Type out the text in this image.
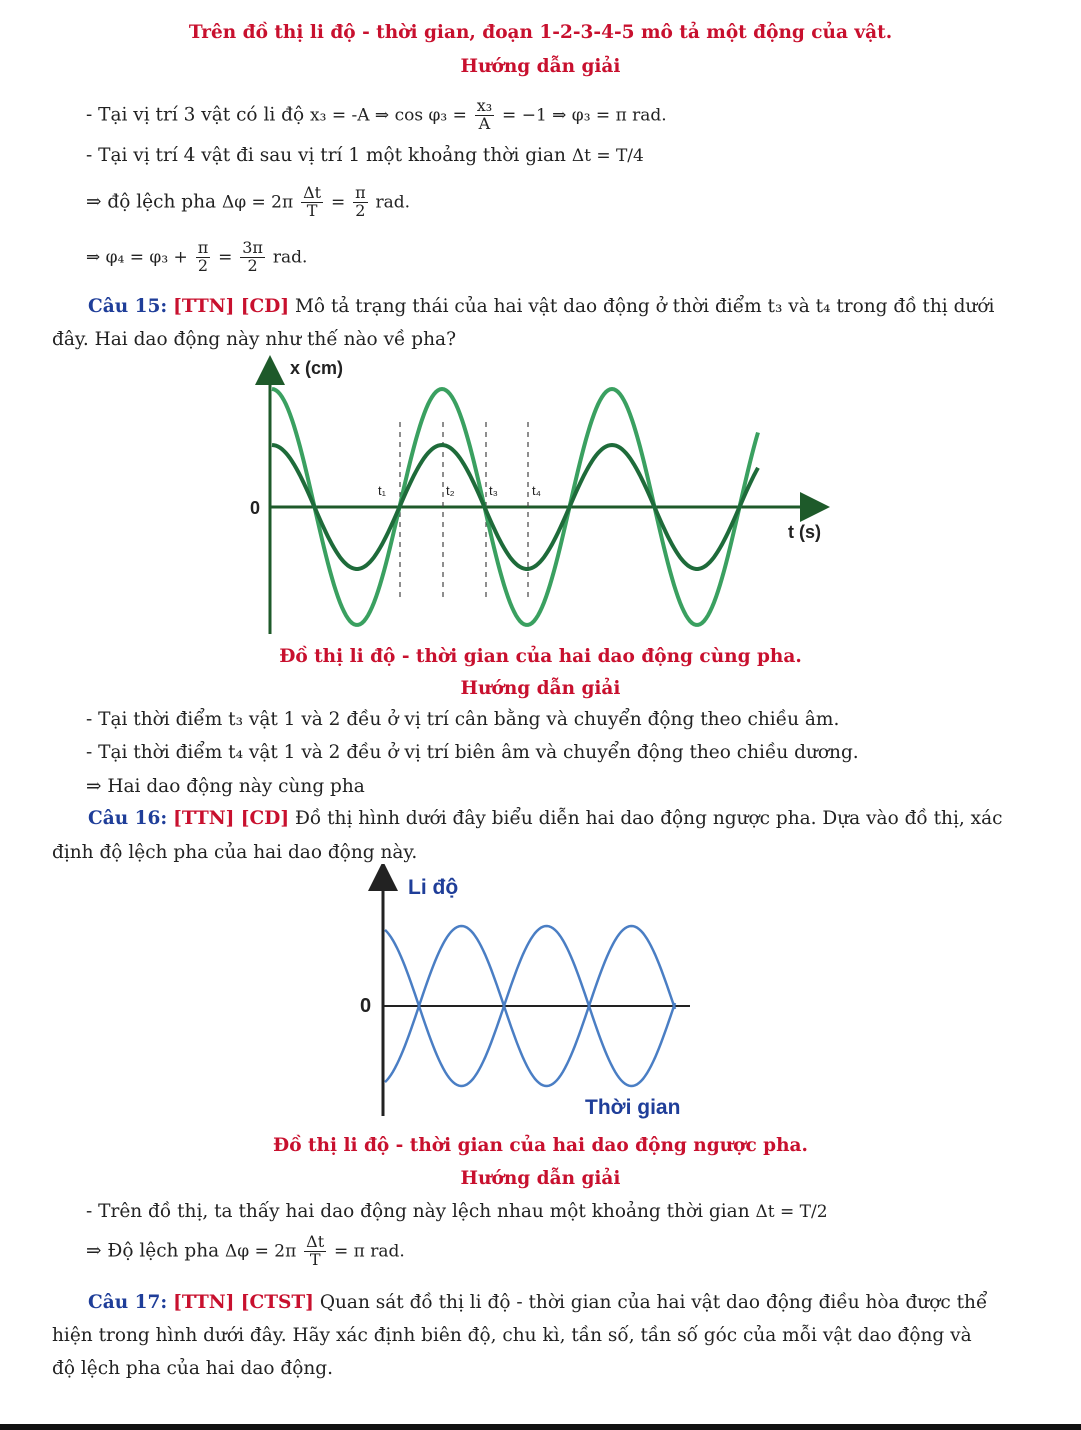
Trên đồ thị li độ - thời gian, đoạn 1-2-3-4-5 mô tả một động của vật.
Hướng dẫn giải
- Tại vị trí 3 vật có li độ x₃ = -A ⇒ $\cos \varphi_3 = \frac{\text{x₃}}{A} = -1$ ⇒ φ₃ = π rad.
- Tại vị trí 4 vật đi sau vị trí 1 một khoảng thời gian Δt = T/4
⇒ độ lệch pha $\Delta\varphi = 2\pi \frac{\Delta t}{T} = \frac{\pi}{2}$ rad.
⇒ $\varphi_4 = \varphi_3 + \frac{\pi}{2} = \frac{3\pi}{2}$ rad.
Câu 15: [TTN] [CD] Mô tả trạng thái của hai vật dao động ở thời điểm t₃ và t₄ trong đồ thị dưới
đây. Hai dao động này như thế nào về pha?
x (cm)
t (s)
0
t₁	t₂	t₃	t₄
Đồ thị li độ - thời gian của hai dao động cùng pha.
Hướng dẫn giải
- Tại thời điểm t₃ vật 1 và 2 đều ở vị trí cân bằng và chuyển động theo chiều âm.
- Tại thời điểm t₄ vật 1 và 2 đều ở vị trí biên âm và chuyển động theo chiều dương.
⇒ Hai dao động này cùng pha
Câu 16: [TTN] [CD] Đồ thị hình dưới đây biểu diễn hai dao động ngược pha. Dựa vào đồ thị, xác
định độ lệch pha của hai dao động này.
Li độ
Thời gian
0
Đồ thị li độ - thời gian của hai dao động ngược pha.
Hướng dẫn giải
- Trên đồ thị, ta thấy hai dao động này lệch nhau một khoảng thời gian Δt = T/2
⇒ Độ lệch pha $\Delta\varphi = 2\pi \frac{\Delta t}{T} = \pi$ rad.
Câu 17: [TTN] [CTST] Quan sát đồ thị li độ - thời gian của hai vật dao động điều hòa được thể
hiện trong hình dưới đây. Hãy xác định biên độ, chu kì, tần số, tần số góc của mỗi vật dao động và
độ lệch pha của hai dao động.
